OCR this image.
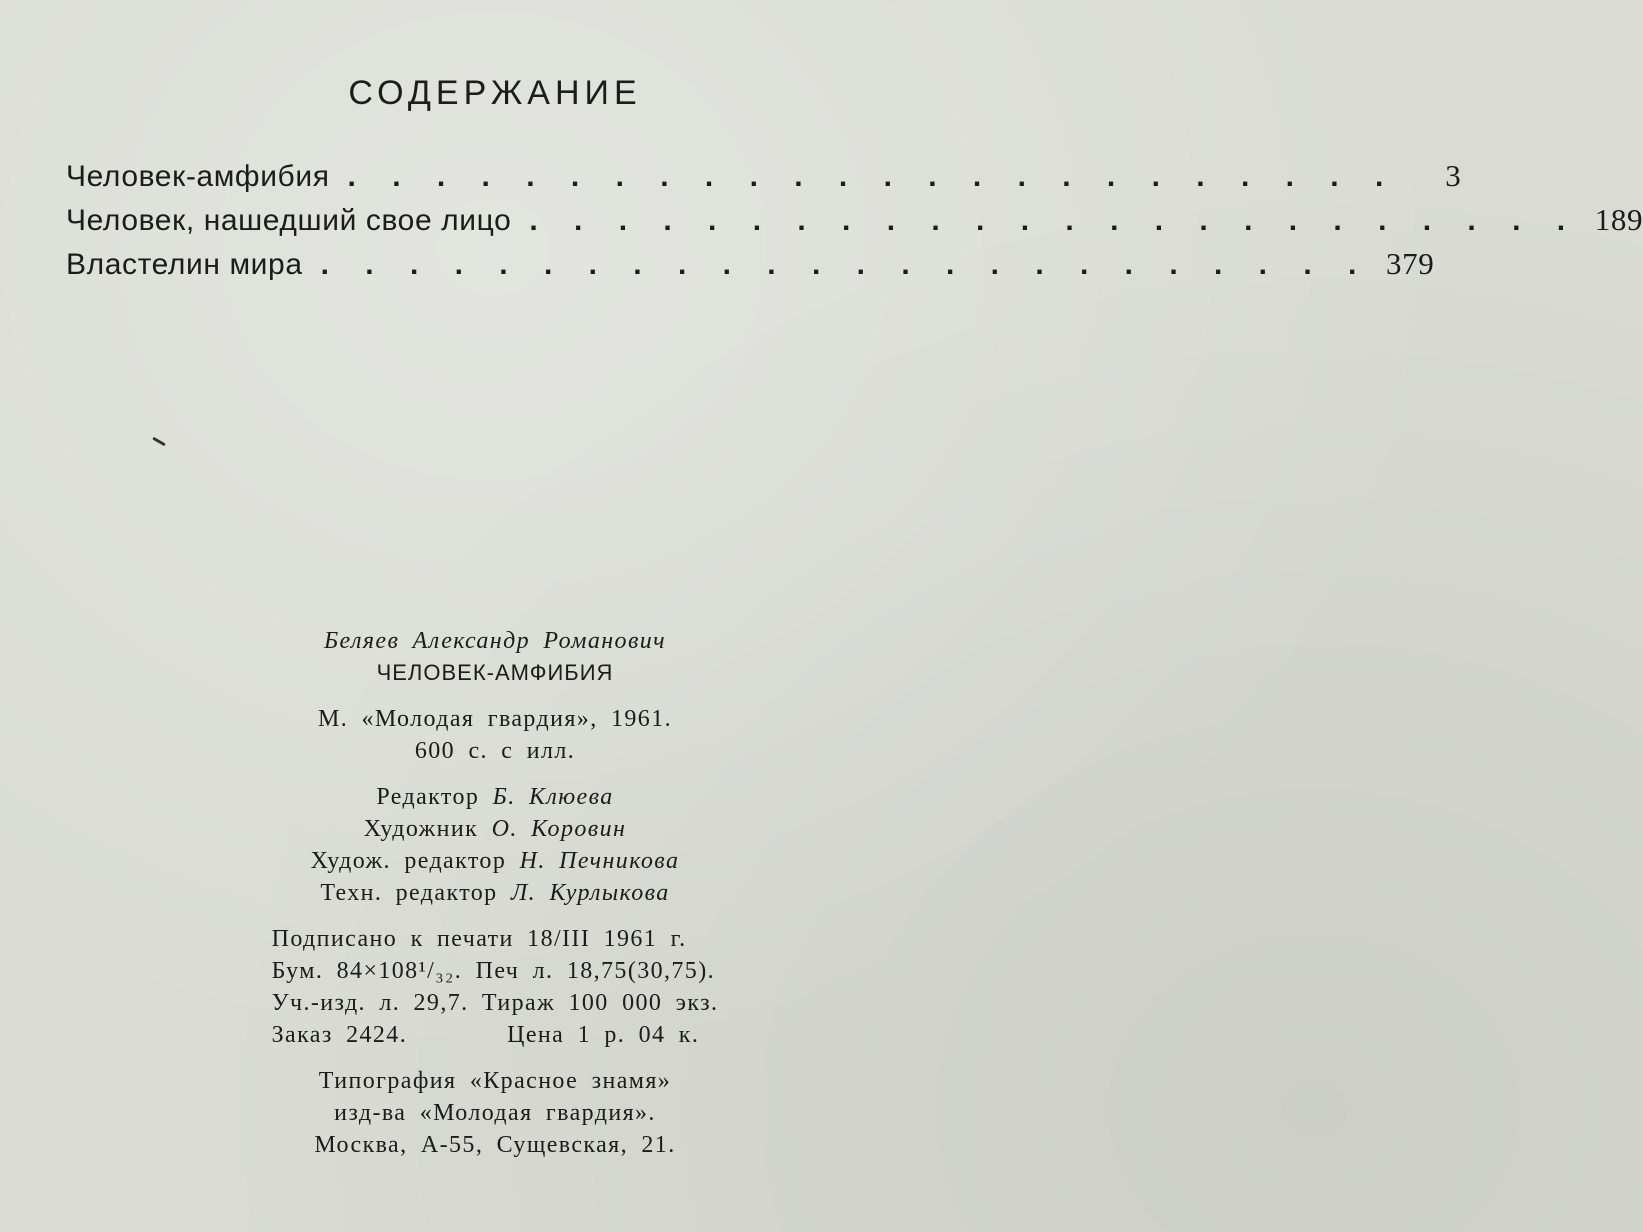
СОДЕРЖАНИЕ
Человек-амфибия . . . . . . . . . . . . . . . . . . . . . . . .	3
Человек, нашедший свое лицо . . . . . . . . . . . . . . . . . . . . . . . . 189
Властелин мира . . . . . . . . . . . . . . . . . . . . . . . . 379
Беляев Александр Романович
ЧЕЛОВЕК-АМФИБИЯ
М. «Молодая гвардия», 1961.
600 с. с илл.
Редактор Б. Клюева
Художник О. Коровин
Худож. редактор Н. Печникова
Техн. редактор Л. Курлыкова
Подписано к печати 18/III 1961 г.
Бум. 84×108¹/₃₂. Печ л. 18,75(30,75).
Уч.-изд. л. 29,7. Тираж 100 000 экз.
Заказ 2424.	Цена 1 р. 04 к.
Типография «Красное знамя»
изд-ва «Молодая гвардия».
Москва, А-55, Сущевская, 21.
